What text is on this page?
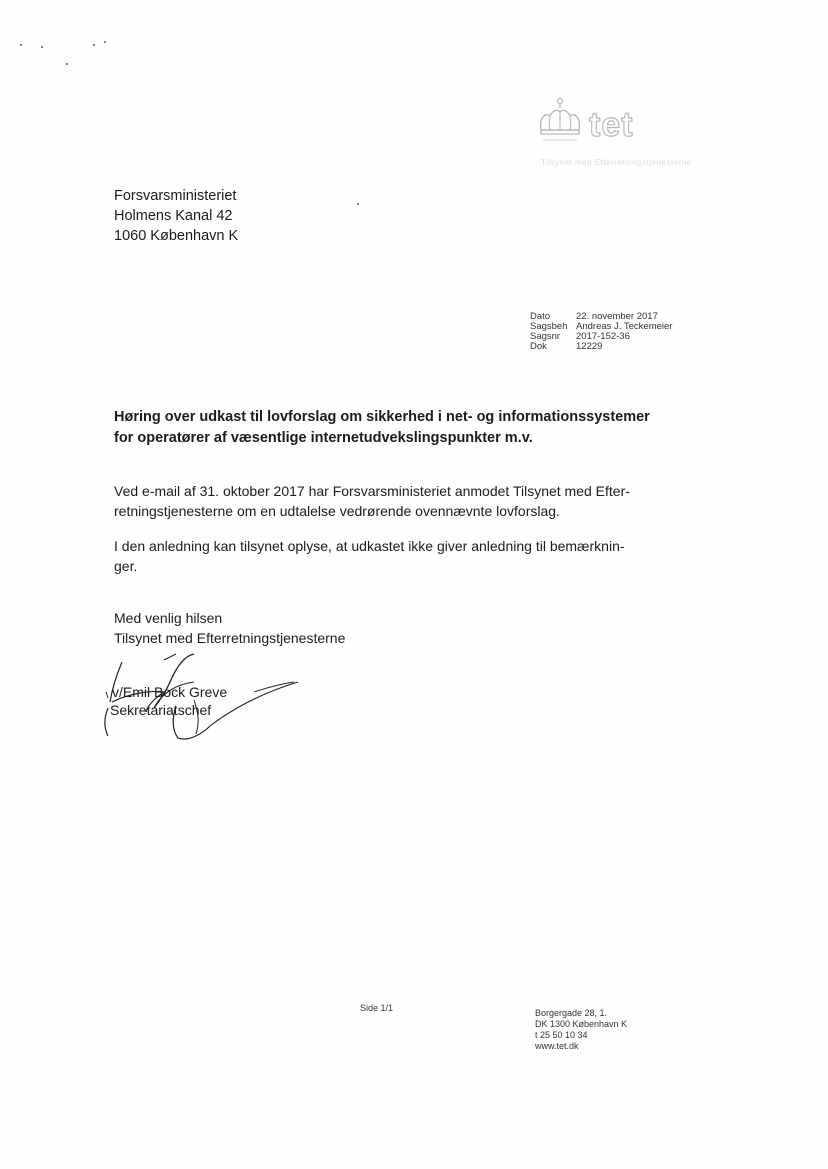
tet
Tilsynet med Efterretningstjenesterne
Forsvarsministeriet
Holmens Kanal 42
1060 København K
Dato	22. november 2017
Sagsbeh Andreas J. Teckemeier
Sagsnr	2017-152-36
Dok	12229
Høring over udkast til lovforslag om sikkerhed i net- og informationssystemer
for operatører af væsentlige internetudvekslingspunkter m.v.
Ved e-mail af 31. oktober 2017 har Forsvarsministeriet anmodet Tilsynet med Efter-
retningstjenesterne om en udtalelse vedrørende ovennævnte lovforslag.
I den anledning kan tilsynet oplyse, at udkastet ikke giver anledning til bemærknin-
ger.
Med venlig hilsen
Tilsynet med Efterretningstjenesterne
v/Emil Bock Greve
Sekretariatschef
Side 1/1	Borgergade 28, 1.
DK 1300 København K
t 25 50 10 34
www.tet.dk
